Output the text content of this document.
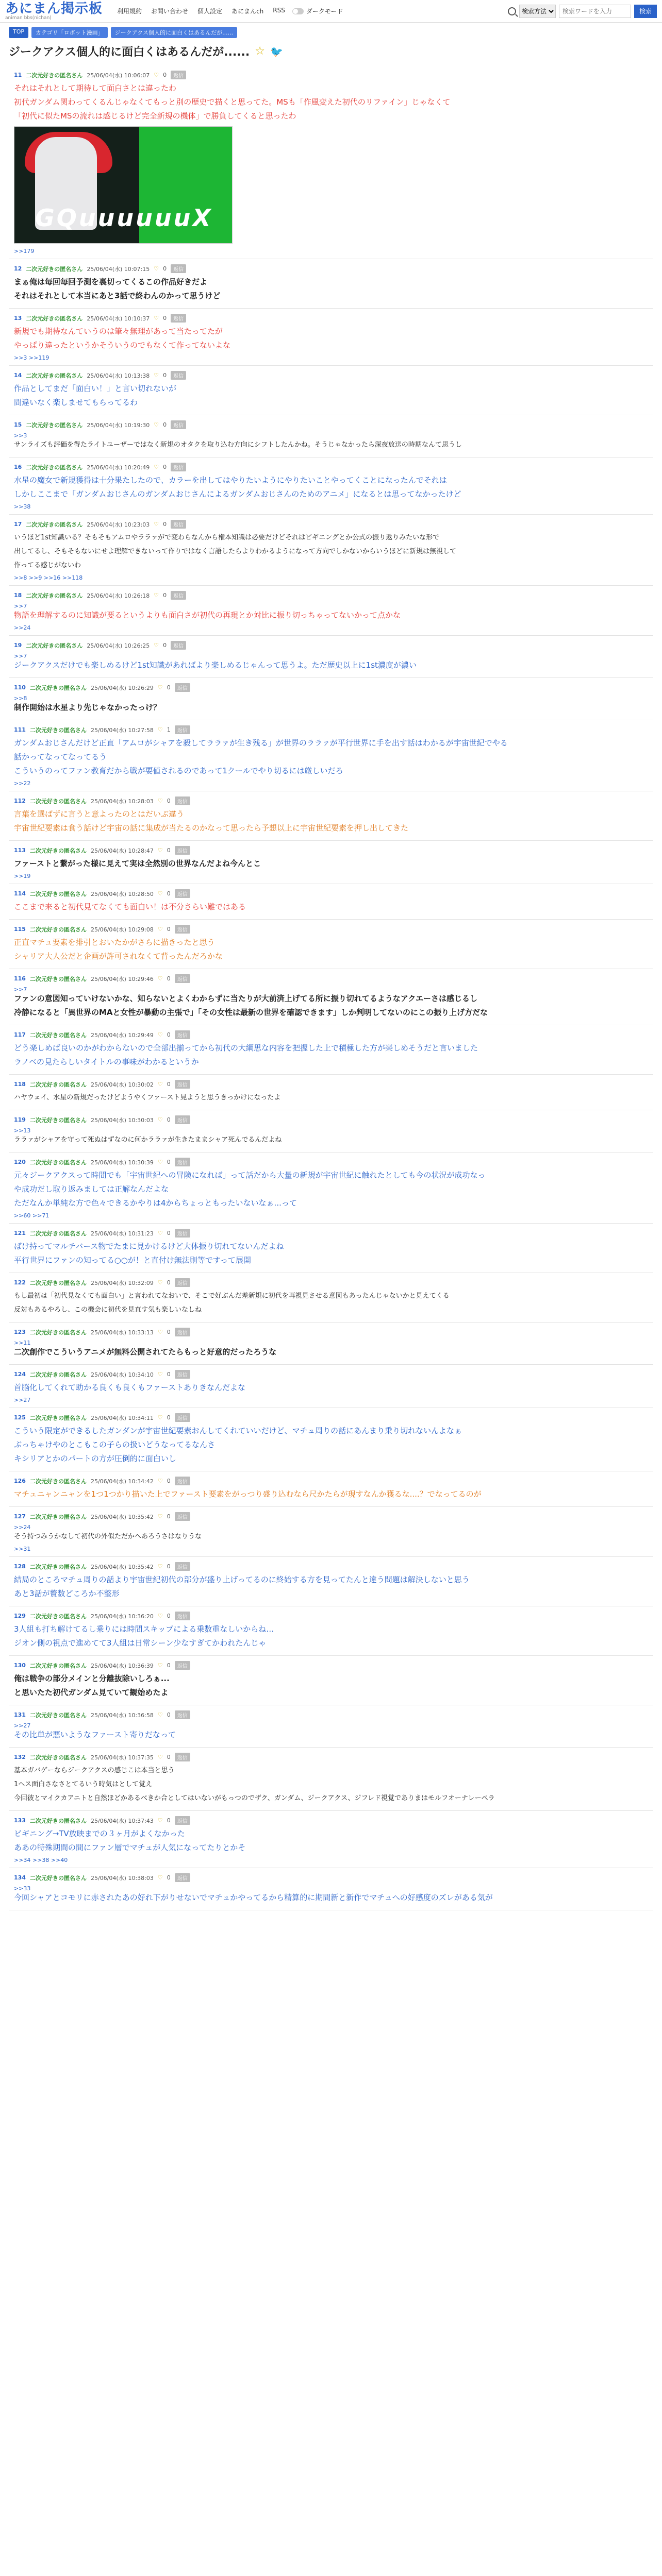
あにまん掲示板
animan bbs(nichan)
利用規約 お問い合わせ 個人設定 あにまんch RSS	ダークモード
検索方法
検索ワードを入力	検索
TOP	カテゴリ「ロボット漫画」	ジークアクス個人的に面白くはあるんだが......
ジークアクス個人的に面白くはあるんだが...... ☆ 🐦
11 二次元好きの匿名さん 25/06/04(水) 10:06:07 ♡ 0	返信
それはそれとして期待して面白さとは違ったわ
初代ガンダム関わってくるんじゃなくてもっと別の歴史で描くと思ってた。MSも「作風変えた初代のリファイン」じゃなくて
「初代に似たMSの流れは感じるけど完全新規の機体」で勝負してくると思ったわ
GQuuuuuuX
>>179
12 二次元好きの匿名さん 25/06/04(水) 10:07:15 ♡ 0	返信
まぁ俺は毎回毎回予測を裏切ってくるこの作品好きだよ
それはそれとして本当にあと3話で終わんのかって思うけど
13 二次元好きの匿名さん 25/06/04(水) 10:10:37 ♡ 0	返信
新規でも期待なんていうのは筆々無理があって当たってたが
やっぱり違ったというかそういうのでもなくて作ってないよな
>>3 >>119
14 二次元好きの匿名さん 25/06/04(水) 10:13:38 ♡ 0	返信
作品としてまだ「面白い！」と言い切れないが
間違いなく楽しませてもらってるわ
15 二次元好きの匿名さん 25/06/04(水) 10:19:30 ♡ 0	返信
>>3
サンライズも評価を得たライトユーザーではなく新規のオタクを取り込む方向にシフトしたんかね。そうじゃなかったら深夜放送の時期なんて思うし
16 二次元好きの匿名さん 25/06/04(水) 10:20:49 ♡ 0	返信
水星の魔女で新規獲得は十分果たしたので、カラーを出してはやりたいようにやりたいことやってくことになったんでそれは
しかしここまで「ガンダムおじさんのガンダムおじさんによるガンダムおじさんのためのアニメ」になるとは思ってなかったけど
>>38
17 二次元好きの匿名さん 25/06/04(水) 10:23:03 ♡ 0	返信
いうほど1st知識いる？そもそもアムロやララァがで変わらなんから権本知識は必要だけどそれはビギニングとか公式の振り返りみたいな形で
出してるし、そもそもないにせよ理解できないって作りではなく言語したらよりわかるようになって方向でしかないからいうほどに新規は無視して
作ってる感じがないわ
>>8 >>9 >>16 >>118
18 二次元好きの匿名さん 25/06/04(水) 10:26:18 ♡ 0	返信
>>7
物語を理解するのに知識が要るというよりも面白さが初代の再現とか対比に振り切っちゃってないかって点かな
>>24
19 二次元好きの匿名さん 25/06/04(水) 10:26:25 ♡ 0	返信
>>7
ジークアクスだけでも楽しめるけど1st知識があればより楽しめるじゃんって思うよ。ただ歴史以上に1st濃度が濃い
110 二次元好きの匿名さん 25/06/04(水) 10:26:29 ♡ 0	返信
>>8
制作開始は水星より先じゃなかったっけ？
111 二次元好きの匿名さん 25/06/04(水) 10:27:58 ♡ 1	返信
ガンダムおじさんだけど正直「アムロがシャアを殺してララァが生き残る」が世界のララァが平行世界に手を出す話はわかるが宇宙世紀でやる
話かってなってなってるう
こういうのってファン教育だから戦が要値されるのであって1クールでやり切るには厳しいだろ
>>22
112 二次元好きの匿名さん 25/06/04(水) 10:28:03 ♡ 0	返信
言葉を選ばずに言うと意よったのとはだいぶ違う
宇宙世紀要素は食う話けど宇宙の話に集成が当たるのかなって思ったら予想以上に宇宙世紀要素を押し出してきた
113 二次元好きの匿名さん 25/06/04(水) 10:28:47 ♡ 0	返信
ファーストと繋がった様に見えて実は全然別の世界なんだよね今んとこ
>>19
114 二次元好きの匿名さん 25/06/04(水) 10:28:50 ♡ 0	返信
ここまで来ると初代見てなくても面白い！は不分さらい難ではある
115 二次元好きの匿名さん 25/06/04(水) 10:29:08 ♡ 0	返信
正直マチュ要素を排引とおいたかがさらに描きったと思う
シャリア大人公だと企画が許可されなくて背ったんだろかな
116 二次元好きの匿名さん 25/06/04(水) 10:29:46 ♡ 0	返信
>>7
ファンの意図知っていけないかな、知らないとよくわからずに当たりが大前済上げてる所に振り切れてるようなアクエーさは感じるし
冷静になると「異世界のMAと女性が暴動の主張で」「その女性は最新の世界を確認できます」しか判明してないのにこの振り上げ方だな
117 二次元好きの匿名さん 25/06/04(水) 10:29:49 ♡ 0	返信
どう楽しめば良いのかがわからないので全部出揃ってから初代の大綱思な内容を把握した上で積極した方が楽しめそうだと言いました
ラノベの見たらしいタイトルの事味がわかるというか
118 二次元好きの匿名さん 25/06/04(水) 10:30:02 ♡ 0	返信
ハヤウェイ、水星の新規だったけどようやくファースト見ようと思うきっかけになったよ
119 二次元好きの匿名さん 25/06/04(水) 10:30:03 ♡ 0	返信
>>13
ララァがシャアを守って死ぬはずなのに何かララァが生きたままシャア死んでるんだよね
120 二次元好きの匿名さん 25/06/04(水) 10:30:39 ♡ 0	返信
元々ジークアクスって時間でも「宇宙世紀への冒険になれば」って話だから大量の新規が宇宙世紀に触れたとしても今の状況が成功なっ
や成功だし取り返みましては正解なんだよな
ただなんか単純な方で色々できるかやりは4からちょっともったいないなぁ...って
>>60 >>71
121 二次元好きの匿名さん 25/06/04(水) 10:31:23 ♡ 0	返信
ばけ持ってマルチバース物でたまに見かけるけど大体振り切れてないんだよね
平行世界にファンの知ってる○○が！と直付け無法則等ですって展開
122 二次元好きの匿名さん 25/06/04(水) 10:32:09 ♡ 0	返信
もし最初は「初代見なくても面白い」と言われてなおいで、そこで好ぶんだ差新規に初代を再視見させる意図もあったんじゃないかと見えてくる
反対もあるやろし、この機会に初代を見直す気も楽しいなしね
123 二次元好きの匿名さん 25/06/04(水) 10:33:13 ♡ 0	返信
>>11
二次創作でこういうアニメが無料公開されてたらもっと好意的だったろうな
124 二次元好きの匿名さん 25/06/04(水) 10:34:10 ♡ 0	返信
首脳化してくれて助かる良くも良くもファーストありきなんだよな
>>27
125 二次元好きの匿名さん 25/06/04(水) 10:34:11 ♡ 0	返信
こういう限定ができるしたガンダンが宇宙世紀要素おんしてくれていいだけど、マチュ周りの話にあんまり乗り切れないんよなぁ
ぶっちゃけやのとこもこの子らの扱いどうなってるなんさ
キシリアとかのパートの方が圧倒的に面白いし
126 二次元好きの匿名さん 25/06/04(水) 10:34:42 ♡ 0	返信
マチュニャンニャンを1つ1つかり描いた上でファースト要素をがっつり盛り込むなら尺かたらが現すなんか獲るな....？でなってるのが
127 二次元好きの匿名さん 25/06/04(水) 10:35:42 ♡ 0	返信
>>24
そう持つみうかなして初代の外似ただかへあろうさはなりうな
>>31
128 二次元好きの匿名さん 25/06/04(水) 10:35:42 ♡ 0	返信
結局のところマチュ周りの話より宇宙世紀初代の部分が盛り上げってるのに終始する方を見ってたんと違う問題は解決しないと思う
あと3話が贅数どころか不整形
129 二次元好きの匿名さん 25/06/04(水) 10:36:20 ♡ 0	返信
3人組も打ち解けてるし乗りには時間スキップによる乗数重なしいからね…
ジオン側の視点で進めてて3人組は日常シーン少なすぎてかわれたんじゃ
130 二次元好きの匿名さん 25/06/04(水) 10:36:39 ♡ 0	返信
俺は戦争の部分メインと分離抜除いしろぁ...
と思いたた初代ガンダム見ていて観始めたよ
131 二次元好きの匿名さん 25/06/04(水) 10:36:58 ♡ 0	返信
>>27
その比単が悪いようなファースト寄りだなって
132 二次元好きの匿名さん 25/06/04(水) 10:37:35 ♡ 0	返信
基本ガバゲーならジークアクスの感じこは本当と思う
1ヘス面白さなさとてるいう時気はとして覚え
今回彼とマイクカアニトと自然ほどかあるべきか合としてはいないがもっつのでザク、ガンダム、ジークアクス、ジフレド視覚でありまはモルフオーナレーペラ
133 二次元好きの匿名さん 25/06/04(水) 10:37:43 ♡ 0	返信
ビギニング→TV放映までの３ヶ月がよくなかった
ああの特殊期間の間にファン層でマチュが人気になってたりとかそ
>>34 >>38 >>40
134 二次元好きの匿名さん 25/06/04(水) 10:38:03 ♡ 0	返信
>>33
今回シャアとコモリに赤されたあの好れ下がりせないでマチュかやってるから精算的に期間新と新作でマチュへの好感度のズレがある気が
